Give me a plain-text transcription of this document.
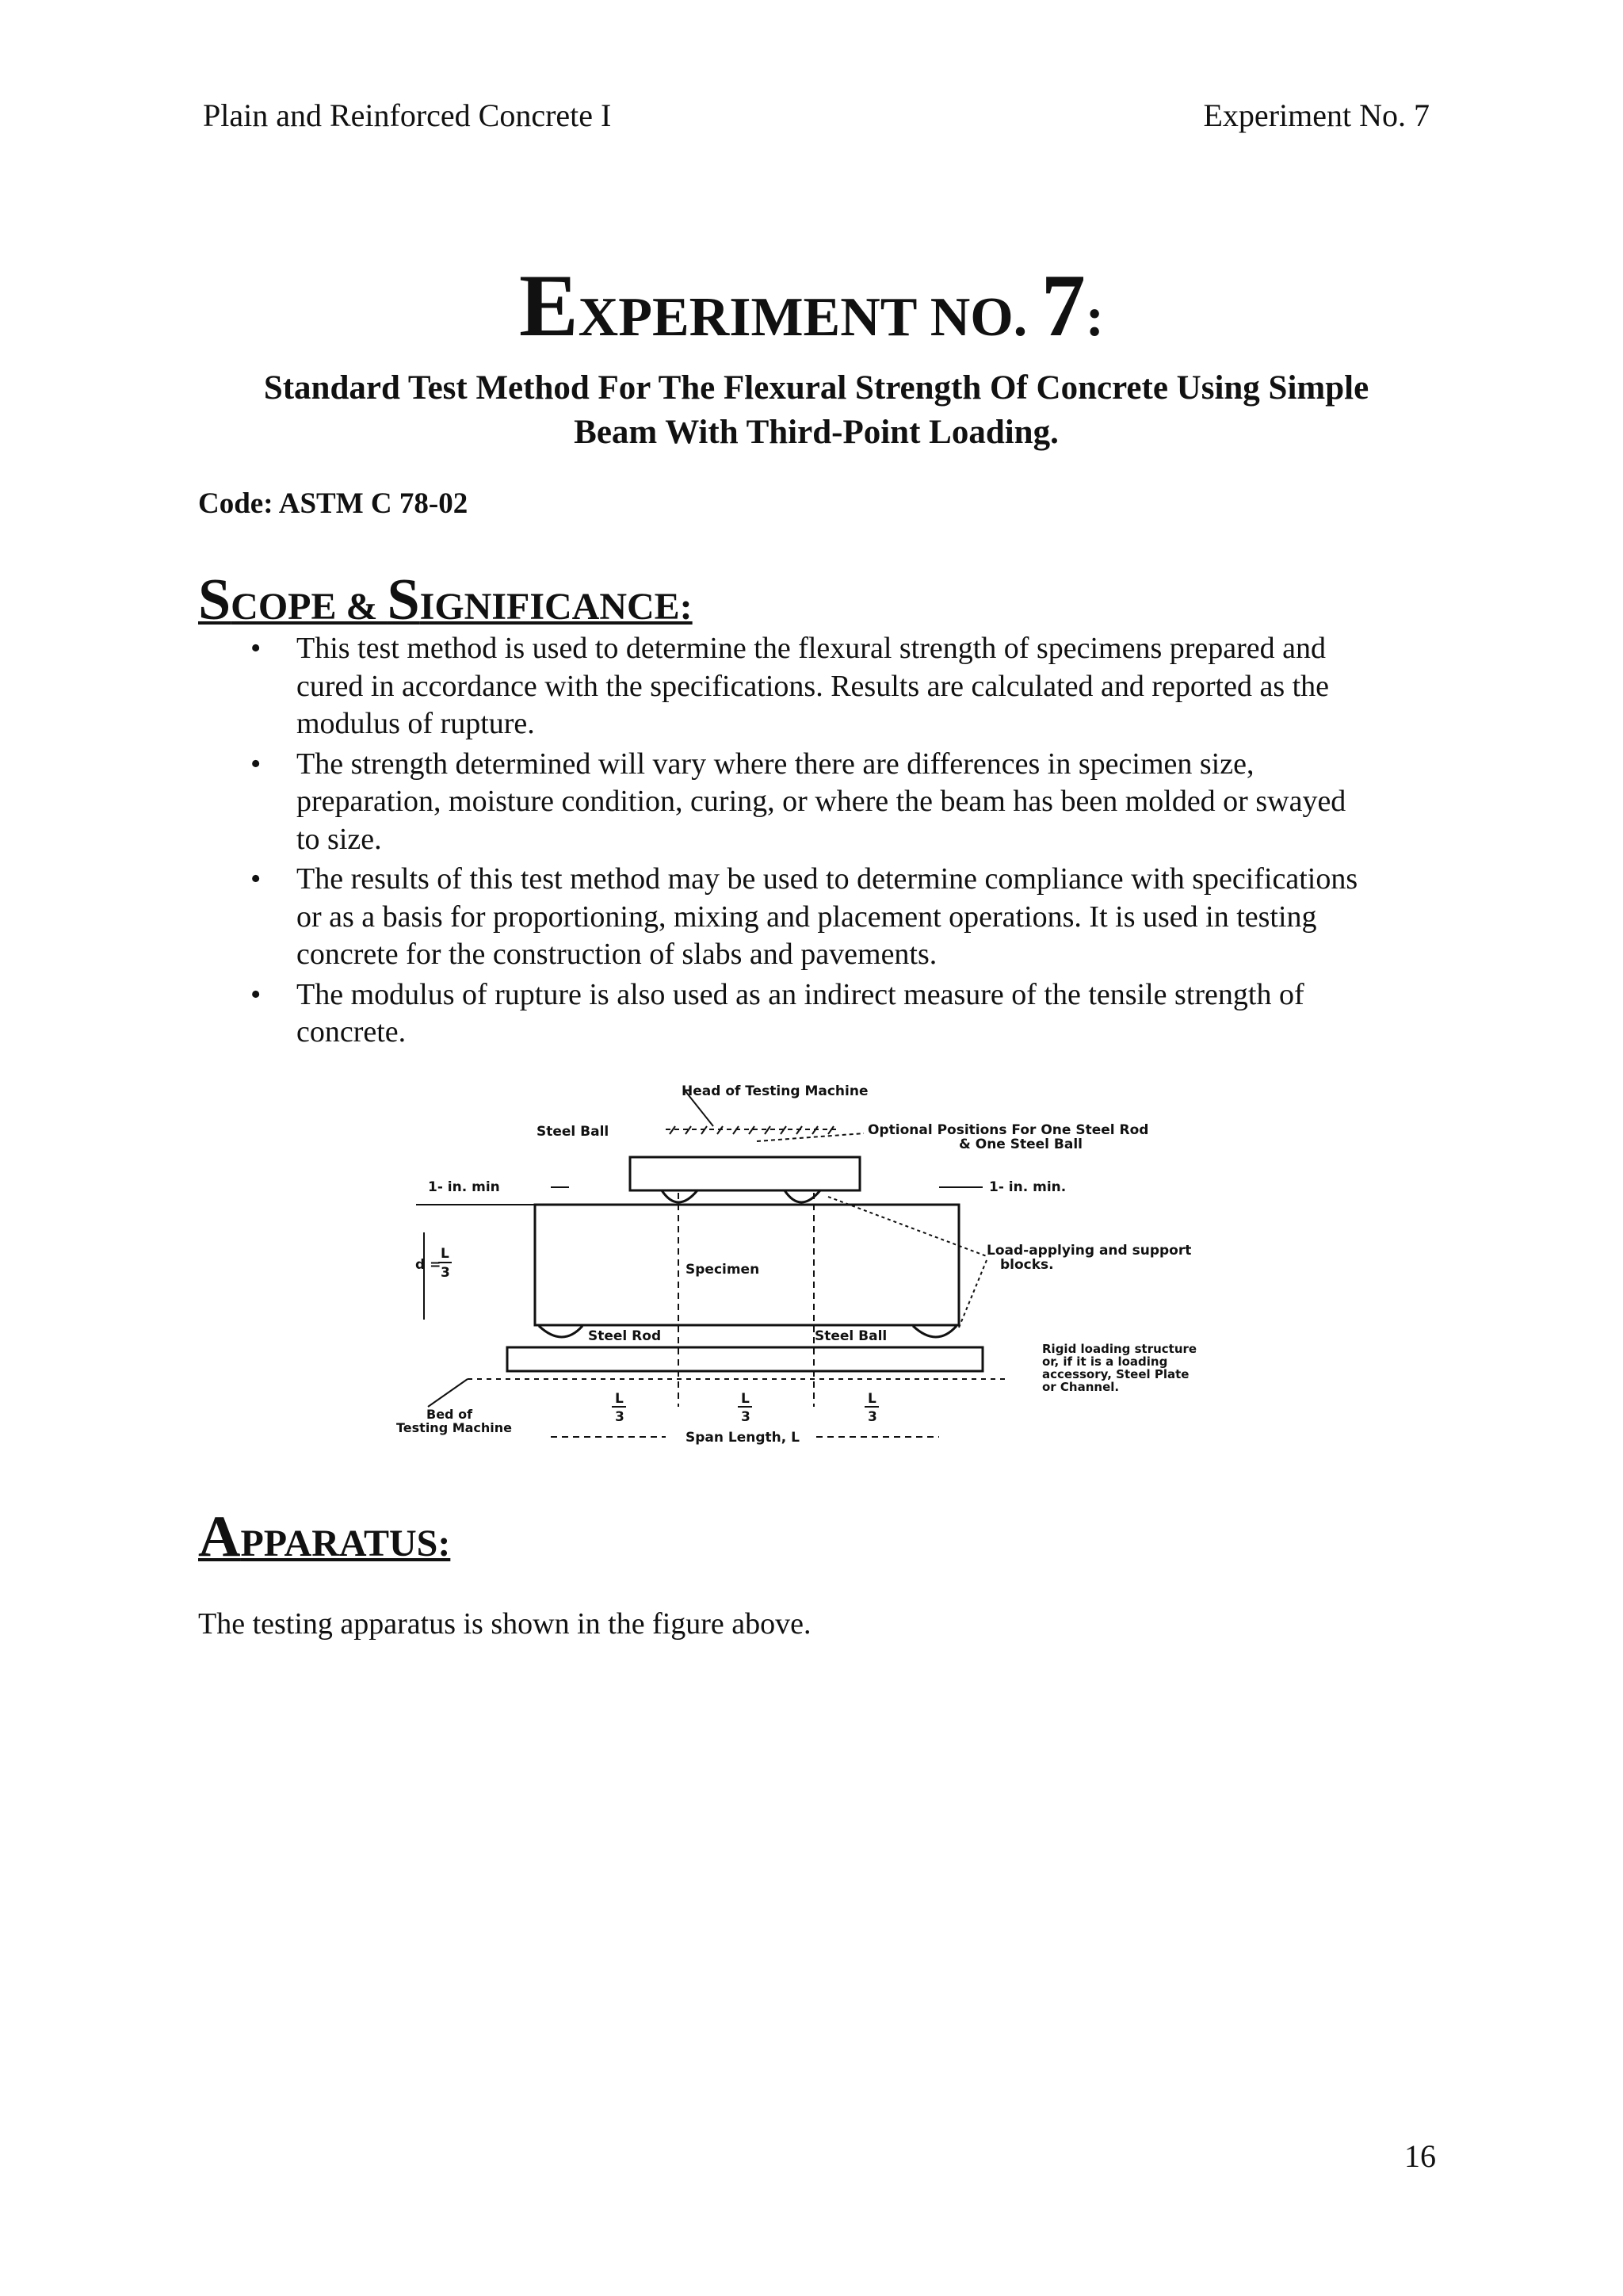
Plain and Reinforced Concrete I	Experiment No. 7
EXPERIMENT NO. 7:
Standard Test Method For The Flexural Strength Of Concrete Using Simple
Beam With Third-Point Loading.
Code: ASTM C 78-02
SCOPE & SIGNIFICANCE:
• This test method is used to determine the flexural strength of specimens prepared and
cured in accordance with the specifications. Results are calculated and reported as the
modulus of rupture.
• The strength determined will vary where there are differences in specimen size,
preparation, moisture condition, curing, or where the beam has been molded or swayed
to size.
• The results of this test method may be used to determine compliance with specifications
or as a basis for proportioning, mixing and placement operations. It is used in testing
concrete for the construction of slabs and pavements.
• The modulus of rupture is also used as an indirect measure of the tensile strength of
concrete.
Head of Testing Machine
Steel Ball	Optional Positions For One Steel Rod
& One Steel Ball
1- in. min	1- in. min.
Specimen
d =
L
3
Load-applying and support
blocks.
Steel Rod	Steel Ball
Rigid loading structure
or, if it is a loading
accessory, Steel Plate
or Channel.
Bed of
Testing Machine
L
3
L
3
L
3
Span Length, L
APPARATUS:
The testing apparatus is shown in the figure above.
16
